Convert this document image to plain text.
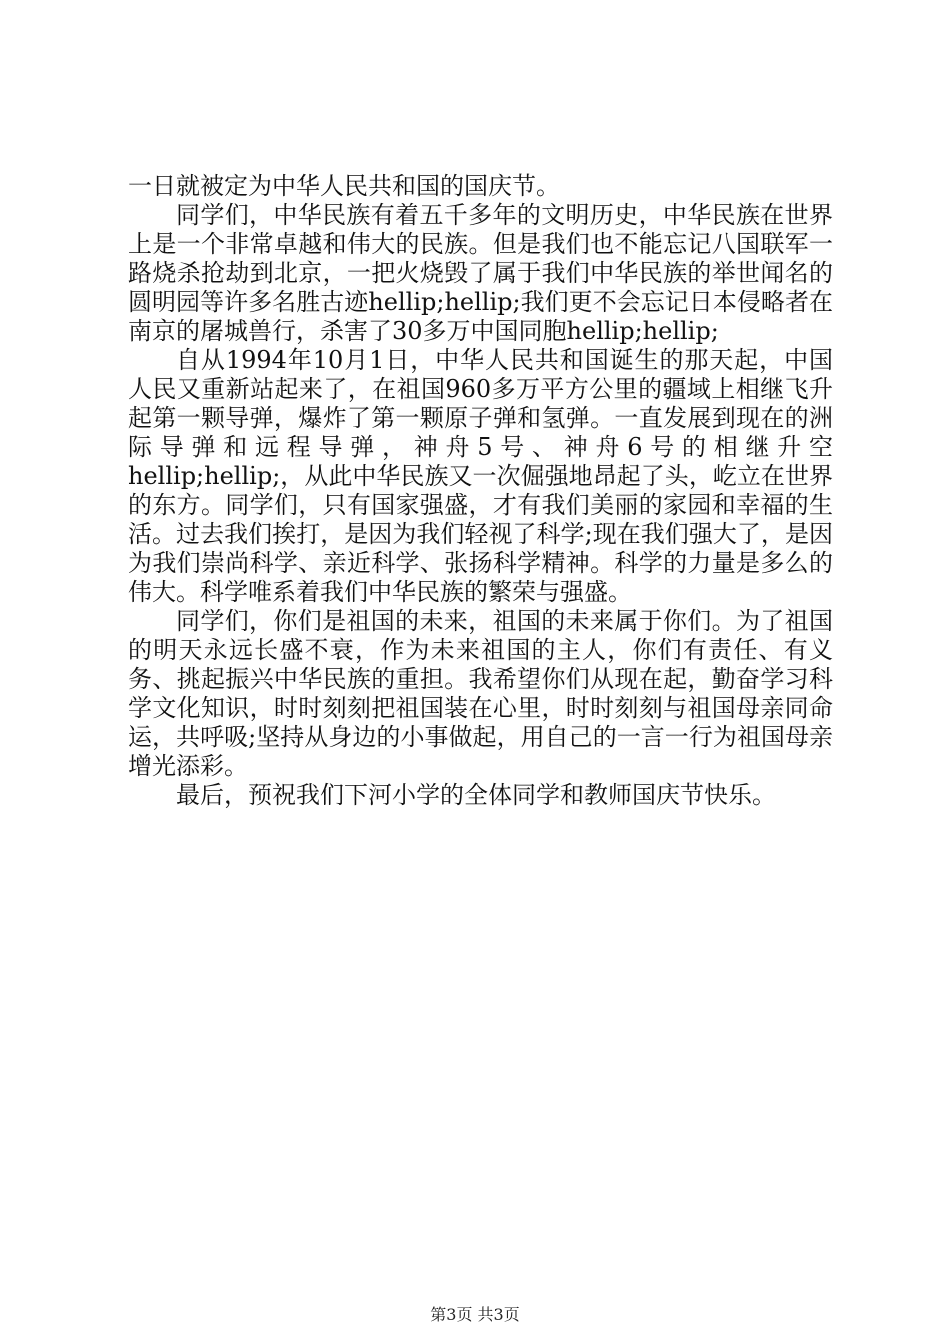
一日就被定为中华人民共和国的国庆节。

同学们，中华民族有着五千多年的文明历史，中华民族在世界上是一个非常卓越和伟大的民族。但是我们也不能忘记八国联军一路烧杀抢劫到北京，一把火烧毁了属于我们中华民族的举世闻名的圆明园等许多名胜古迹hellip;hellip;我们更不会忘记日本侵略者在南京的屠城兽行，杀害了30多万中国同胞hellip;hellip;

自从1994年10月1日，中华人民共和国诞生的那天起，中国人民又重新站起来了，在祖国960多万平方公里的疆域上相继飞升起第一颗导弹，爆炸了第一颗原子弹和氢弹。一直发展到现在的洲际导弹和远程导弹，神舟5号、神舟6号的相继升空hellip;hellip;，从此中华民族又一次倔强地昂起了头，屹立在世界的东方。同学们，只有国家强盛，才有我们美丽的家园和幸福的生活。过去我们挨打，是因为我们轻视了科学;现在我们强大了，是因为我们崇尚科学、亲近科学、张扬科学精神。科学的力量是多么的伟大。科学唯系着我们中华民族的繁荣与强盛。

同学们，你们是祖国的未来，祖国的未来属于你们。为了祖国的明天永远长盛不衰，作为未来祖国的主人，你们有责任、有义务、挑起振兴中华民族的重担。我希望你们从现在起，勤奋学习科学文化知识，时时刻刻把祖国装在心里，时时刻刻与祖国母亲同命运，共呼吸;坚持从身边的小事做起，用自己的一言一行为祖国母亲增光添彩。

最后，预祝我们下河小学的全体同学和教师国庆节快乐。

第3页 共3页
